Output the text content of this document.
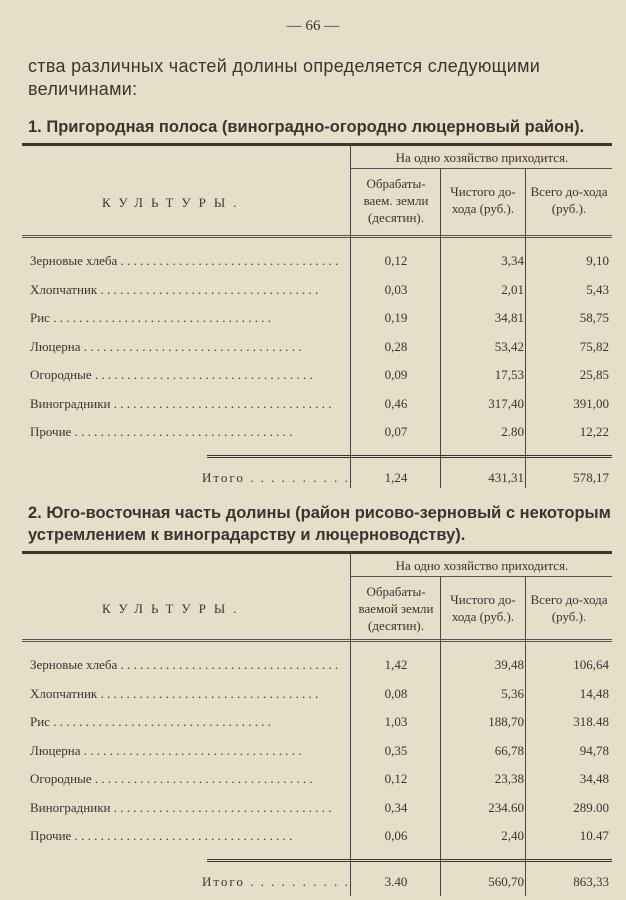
— 66 —
ства различных частей долины определяется следующими величинами:
1. Пригородная полоса (виноградно-огородно люцерновый район).
2. Юго-восточная часть долины (район рисово-зерновый с некоторым устремлением к виноградарству и люцерноводству).
На одно хозяйство приходится.
КУЛЬТУРЫ.
Обрабаты-ваем. земли (десятин).
Чистого до-хода (руб.).
Всего до-хода (руб.).
Зерновые хлеба . . .	0,12	3,34	9,10
Хлопчатник . . .	0,03	2,01	5,43
Рис . . .	0,19	34,81	58,75
Люцерна . . .	0,28	53,42	75,82
Огородные . . .	0,09	17,53	25,85
Виноградники . . .	0,46	317,40	391,00
Прочие . . .	0,07	2.80	12,22
Итого . . .	1,24	431,31	578,17
На одно хозяйство приходится.
КУЛЬТУРЫ.
Обрабаты-ваемой земли (десятин).
Чистого до-хода (руб.).
Всего до-хода (руб.).
Зерновые хлеба . . .	1,42	39,48	106,64
Хлопчатник . . .	0,08	5,36	14,48
Рис . . .	1,03	188,70	318.48
Люцерна . . .	0,35	66,78	94,78
Огородные . . .	0,12	23,38	34,48
Виноградники . . .	0,34	234.60	289.00
Прочие . . .	0,06	2,40	10.47
Итого . . .	3.40	560,70	863,33
